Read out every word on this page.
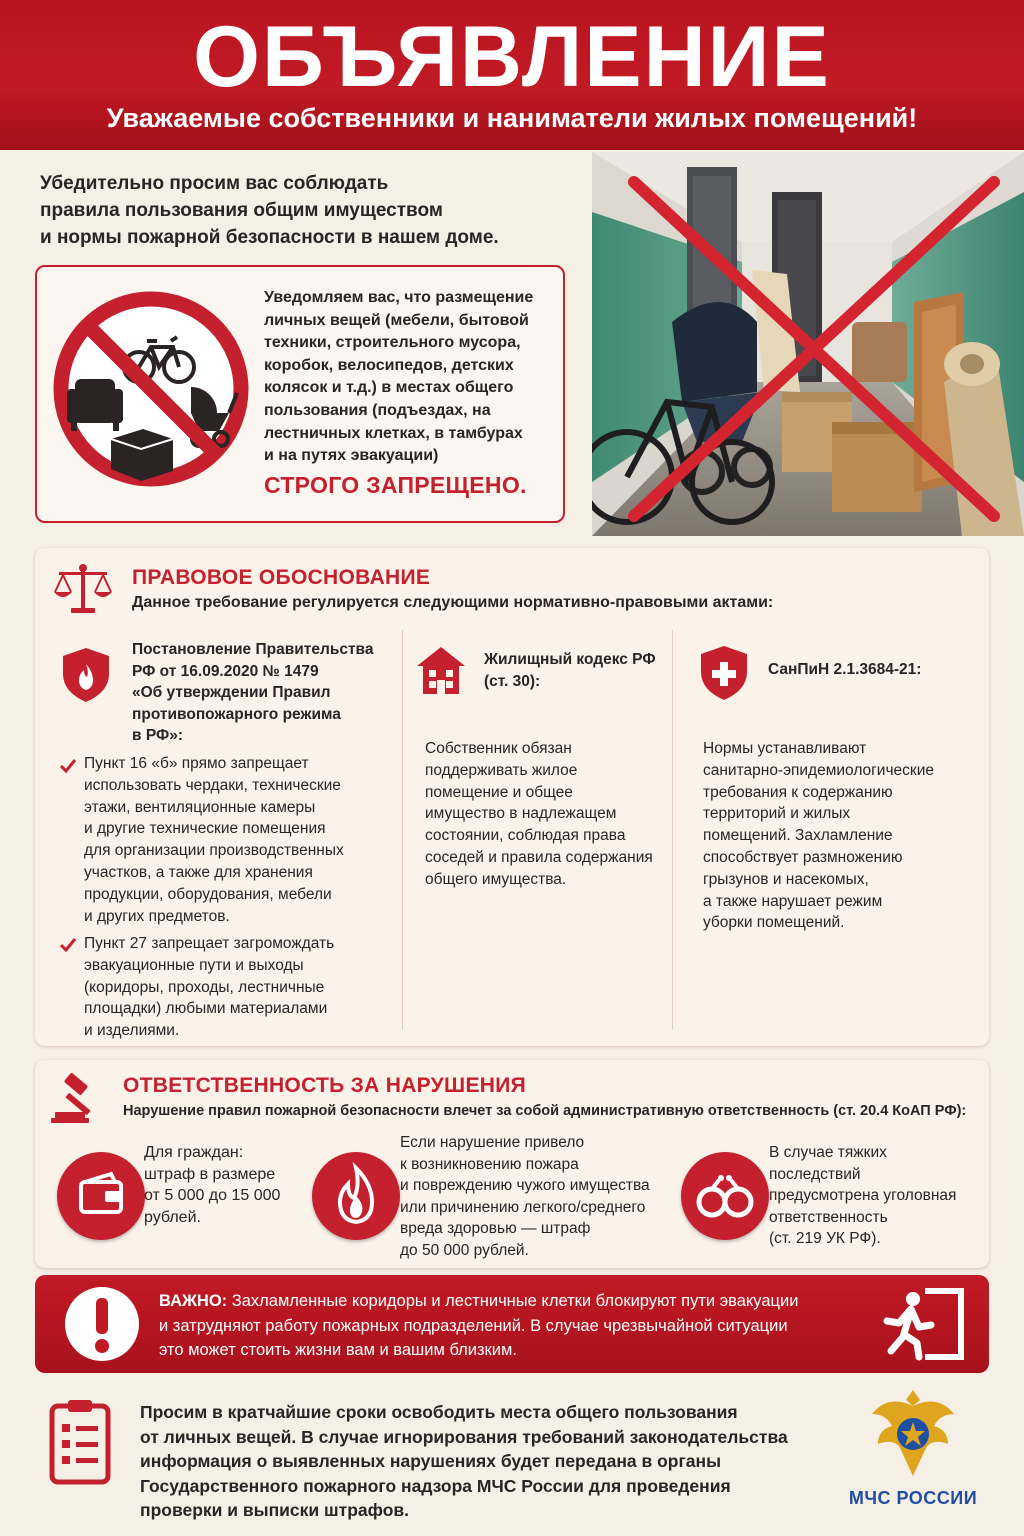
ОБЪЯВЛЕНИЕ
Уважаемые собственники и наниматели жилых помещений!
Убедительно просим вас соблюдать
правила пользования общим имуществом
и нормы пожарной безопасности в нашем доме.
Уведомляем вас, что размещение
личных вещей (мебели, бытовой
техники, строительного мусора,
коробок, велосипедов, детских
колясок и т.д.) в местах общего
пользования (подъездах, на
лестничных клетках, в тамбурах
и на путях эвакуации)
СТРОГО ЗАПРЕЩЕНО.
ПРАВОВОЕ ОБОСНОВАНИЕ
Данное требование регулируется следующими нормативно-правовыми актами:
Постановление Правительства
РФ от 16.09.2020 № 1479
«Об утверждении Правил
противопожарного режима
в РФ»:
Пункт 16 «б» прямо запрещает
использовать чердаки, технические
этажи, вентиляционные камеры
и другие технические помещения
для организации производственных
участков, а также для хранения
продукции, оборудования, мебели
и других предметов.
Пункт 27 запрещает загромождать
эвакуационные пути и выходы
(коридоры, проходы, лестничные
площадки) любыми материалами
и изделиями.
Жилищный кодекс РФ
(ст. 30):
Собственник обязан
поддерживать жилое
помещение и общее
имущество в надлежащем
состоянии, соблюдая права
соседей и правила содержания
общего имущества.
СанПиН 2.1.3684-21:
Нормы устанавливают
санитарно-эпидемиологические
требования к содержанию
территорий и жилых
помещений. Захламление
способствует размножению
грызунов и насекомых,
а также нарушает режим
уборки помещений.
ОТВЕТСТВЕННОСТЬ ЗА НАРУШЕНИЯ
Нарушение правил пожарной безопасности влечет за собой административную ответственность (ст. 20.4 КоАП РФ):
Для граждан:
штраф в размере
от 5 000 до 15 000
рублей.
Если нарушение привело
к возникновению пожара
и повреждению чужого имущества
или причинению легкого/среднего
вреда здоровью — штраф
до 50 000 рублей.
В случае тяжких
последствий
предусмотрена уголовная
ответственность
(ст. 219 УК РФ).
ВАЖНО: Захламленные коридоры и лестничные клетки блокируют пути эвакуации
и затрудняют работу пожарных подразделений. В случае чрезвычайной ситуации
это может стоить жизни вам и вашим близким.
Просим в кратчайшие сроки освободить места общего пользования
от личных вещей. В случае игнорирования требований законодательства
информация о выявленных нарушениях будет передана в органы
Государственного пожарного надзора МЧС России для проведения
проверки и выписки штрафов.
МЧС РОССИИ
